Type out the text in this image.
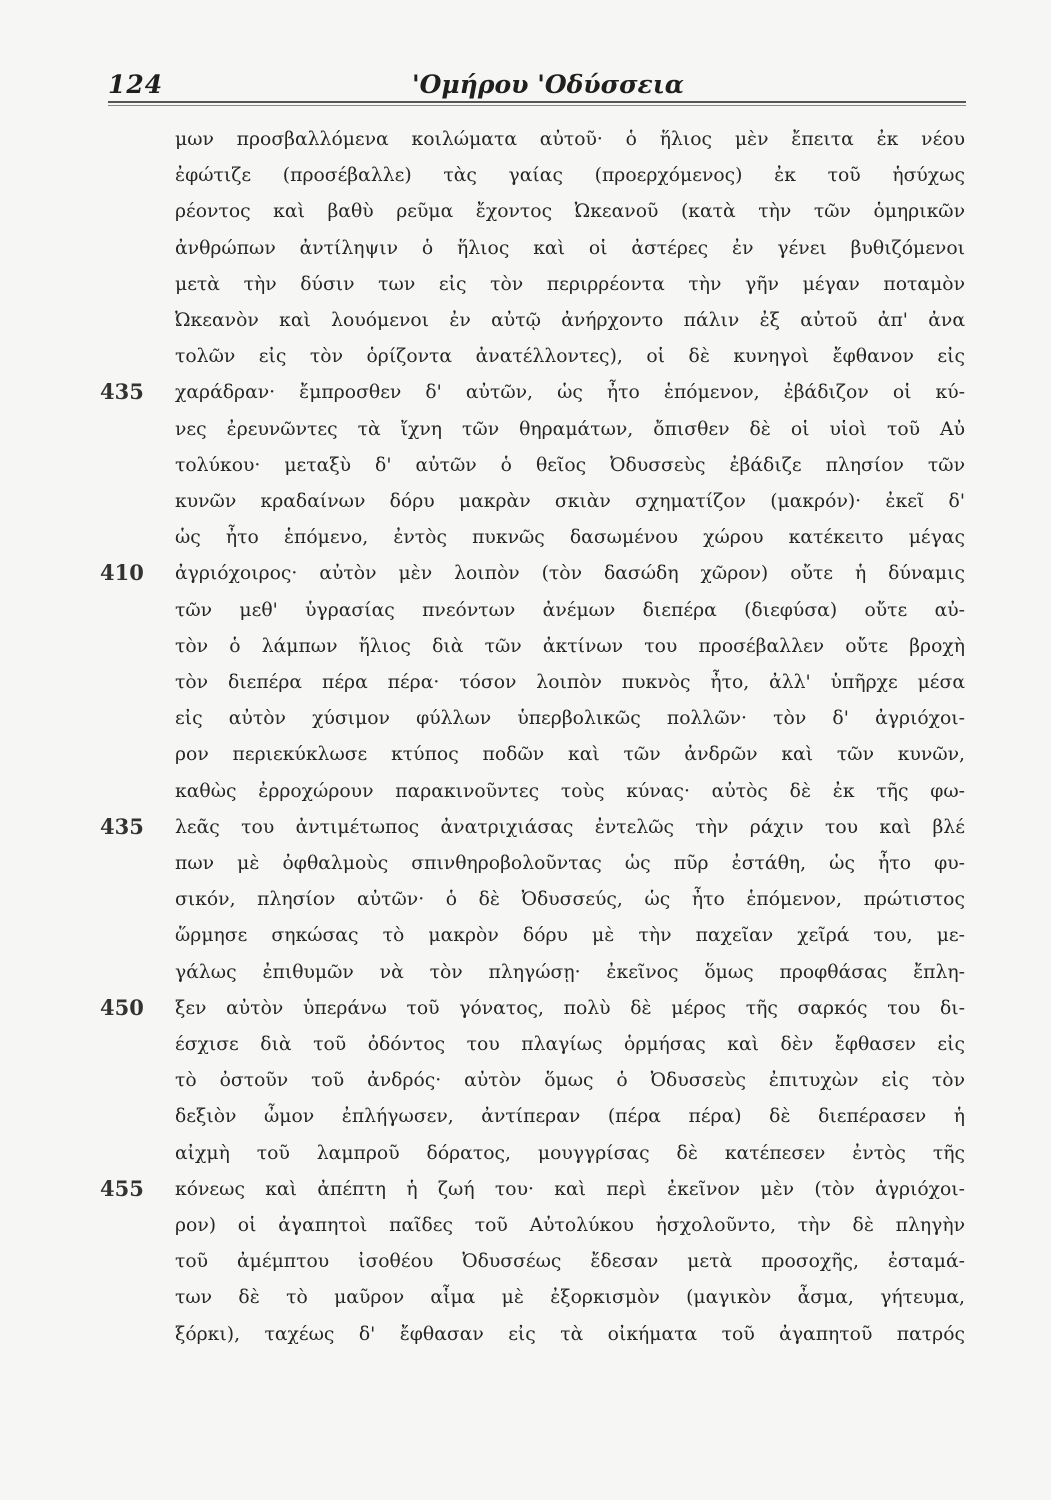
124	'Ομήρου 'Οδύσσεια
μων προσβαλλόμενα κοιλώματα αὐτοῦ· ὁ ἥλιος μὲν ἔπειτα ἐκ νέου
ἐφώτιζε (προσέβαλλε) τὰς γαίας (προερχόμενος) ἐκ τοῦ ἡσύχως
ρέοντος καὶ βαθὺ ρεῦμα ἔχοντος Ὠκεανοῦ (κατὰ τὴν τῶν ὁμηρικῶν
ἀνθρώπων ἀντίληψιν ὁ ἥλιος καὶ οἱ ἀστέρες ἐν γένει βυθιζόμενοι
μετὰ τὴν δύσιν των εἰς τὸν περιρρέοντα τὴν γῆν μέγαν ποταμὸν
Ὠκεανὸν καὶ λουόμενοι ἐν αὐτῷ ἀνήρχοντο πάλιν ἐξ αὐτοῦ ἀπ' ἀνα
τολῶν εἰς τὸν ὁρίζοντα ἀνατέλλοντες), οἱ δὲ κυνηγοὶ ἔφθανον εἰς
435	χαράδραν· ἔμπροσθεν δ' αὐτῶν, ὡς ἦτο ἑπόμενον, ἐβάδιζον οἱ κύ-
νες ἐρευνῶντες τὰ ἴχνη τῶν θηραμάτων, ὄπισθεν δὲ οἱ υἱοὶ τοῦ Αὐ
τολύκου· μεταξὺ δ' αὐτῶν ὁ θεῖος Ὀδυσσεὺς ἐβάδιζε πλησίον τῶν
κυνῶν κραδαίνων δόρυ μακρὰν σκιὰν σχηματίζον (μακρόν)· ἐκεῖ δ'
ὡς ἦτο ἑπόμενο, ἐντὸς πυκνῶς δασωμένου χώρου κατέκειτο μέγας
410	ἀγριόχοιρος· αὐτὸν μὲν λοιπὸν (τὸν δασώδη χῶρον) οὔτε ἡ δύναμις
τῶν μεθ' ὑγρασίας πνεόντων ἀνέμων διεπέρα (διεφύσα) οὔτε αὐ-
τὸν ὁ λάμπων ἥλιος διὰ τῶν ἀκτίνων του προσέβαλλεν οὔτε βροχὴ
τὸν διεπέρα πέρα πέρα· τόσον λοιπὸν πυκνὸς ἦτο, ἀλλ' ὑπῆρχε μέσα
εἰς αὐτὸν χύσιμον φύλλων ὑπερβολικῶς πολλῶν· τὸν δ' ἀγριόχοι-
ρον περιεκύκλωσε κτύπος ποδῶν καὶ τῶν ἀνδρῶν καὶ τῶν κυνῶν,
καθὼς ἐρροχώρουν παρακινοῦντες τοὺς κύνας· αὐτὸς δὲ ἐκ τῆς φω-
435	λεᾶς του ἀντιμέτωπος ἀνατριχιάσας ἐντελῶς τὴν ράχιν του καὶ βλέ
πων μὲ ὀφθαλμοὺς σπινθηροβολοῦντας ὡς πῦρ ἐστάθη, ὡς ἦτο φυ-
σικόν, πλησίον αὐτῶν· ὁ δὲ Ὀδυσσεύς, ὡς ἦτο ἑπόμενον, πρώτιστος
ὥρμησε σηκώσας τὸ μακρὸν δόρυ μὲ τὴν παχεῖαν χεῖρά του, με-
γάλως ἐπιθυμῶν νὰ τὸν πληγώσῃ· ἐκεῖνος ὅμως προφθάσας ἔπλη-
450	ξεν αὐτὸν ὑπεράνω τοῦ γόνατος, πολὺ δὲ μέρος τῆς σαρκός του δι-
έσχισε διὰ τοῦ ὀδόντος του πλαγίως ὁρμήσας καὶ δὲν ἔφθασεν εἰς
τὸ ὀστοῦν τοῦ ἀνδρός· αὐτὸν ὅμως ὁ Ὀδυσσεὺς ἐπιτυχὼν εἰς τὸν
δεξιὸν ὦμον ἐπλήγωσεν, ἀντίπεραν (πέρα πέρα) δὲ διεπέρασεν ἡ
αἰχμὴ τοῦ λαμπροῦ δόρατος, μουγγρίσας δὲ κατέπεσεν ἐντὸς τῆς
455	κόνεως καὶ ἀπέπτη ἡ ζωή του· καὶ περὶ ἐκεῖνον μὲν (τὸν ἀγριόχοι-
ρον) οἱ ἀγαπητοὶ παῖδες τοῦ Αὐτολύκου ἠσχολοῦντο, τὴν δὲ πληγὴν
τοῦ ἀμέμπτου ἰσοθέου Ὀδυσσέως ἔδεσαν μετὰ προσοχῆς, ἐσταμά-
των δὲ τὸ μαῦρον αἷμα μὲ ἐξορκισμὸν (μαγικὸν ἆσμα, γήτευμα,
ξόρκι), ταχέως δ' ἔφθασαν εἰς τὰ οἰκήματα τοῦ ἀγαπητοῦ πατρός
